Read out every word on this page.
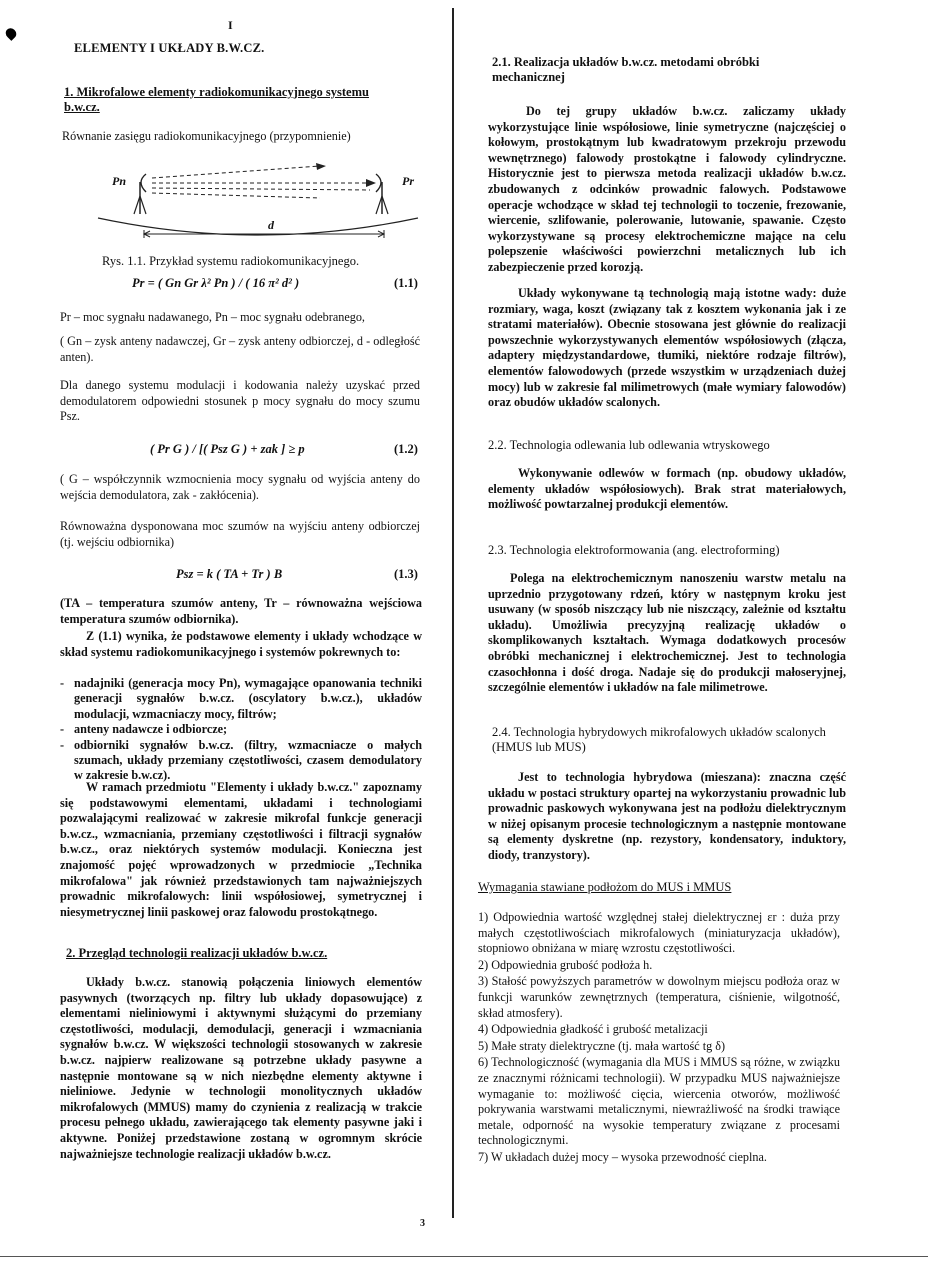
I
ELEMENTY I UKŁADY B.W.CZ.
1. Mikrofalowe elementy radiokomunikacyjnego systemu b.w.cz.
Równanie zasięgu radiokomunikacyjnego (przypomnienie)
Pn	Pr
d
Rys. 1.1. Przykład systemu radiokomunikacyjnego.
Pr = ( Gn Gr λ² Pn ) / ( 16 π² d² )	(1.1)
Pr – moc sygnału nadawanego, Pn – moc sygnału odebranego,
( Gn – zysk anteny nadawczej, Gr – zysk anteny odbiorczej, d - odległość anten).
Dla danego systemu modulacji i kodowania należy uzyskać przed demodulatorem odpowiedni stosunek p mocy sygnału do mocy szumu Psz.
( Pr G ) / [( Psz G ) + zak ] ≥ p	(1.2)
( G – współczynnik wzmocnienia mocy sygnału od wyjścia anteny do wejścia demodulatora, zak - zakłócenia).
Równoważna dysponowana moc szumów na wyjściu anteny odbiorczej (tj. wejściu odbiornika)
Psz = k ( TA + Tr ) B	(1.3)
(TA – temperatura szumów anteny, Tr – równoważna wejściowa temperatura szumów odbiornika).
Z (1.1) wynika, że podstawowe elementy i układy wchodzące w skład systemu radiokomunikacyjnego i systemów pokrewnych to:
- nadajniki (generacja mocy Pn), wymagające opanowania techniki generacji sygnałów b.w.cz. (oscylatory b.w.cz.), układów modulacji, wzmacniaczy mocy, filtrów;
- anteny nadawcze i odbiorcze;
- odbiorniki sygnałów b.w.cz. (filtry, wzmacniacze o małych szumach, układy przemiany częstotliwości, czasem demodulatory w zakresie b.w.cz).
W ramach przedmiotu "Elementy i układy b.w.cz." zapoznamy się podstawowymi elementami, układami i technologiami pozwalającymi realizować w zakresie mikrofal funkcje generacji b.w.cz., wzmacniania, przemiany częstotliwości i filtracji sygnałów b.w.cz., oraz niektórych systemów modulacji. Konieczna jest znajomość pojęć wprowadzonych w przedmiocie „Technika mikrofalowa" jak również przedstawionych tam najważniejszych prowadnic mikrofalowych: linii współosiowej, symetrycznej i niesymetrycznej linii paskowej oraz falowodu prostokątnego.
2. Przegląd technologii realizacji układów b.w.cz.
Układy b.w.cz. stanowią połączenia liniowych elementów pasywnych (tworzących np. filtry lub układy dopasowujące) z elementami nieliniowymi i aktywnymi służącymi do przemiany częstotliwości, modulacji, demodulacji, generacji i wzmacniania sygnałów b.w.cz. W większości technologii stosowanych w zakresie b.w.cz. najpierw realizowane są potrzebne układy pasywne a następnie montowane są w nich niezbędne elementy aktywne i nieliniowe. Jedynie w technologii monolitycznych układów mikrofalowych (MMUS) mamy do czynienia z realizacją w trakcie procesu pełnego układu, zawierającego tak elementy pasywne jaki i aktywne. Poniżej przedstawione zostaną w ogromnym skrócie najważniejsze technologie realizacji układów b.w.cz.
2.1. Realizacja układów b.w.cz. metodami obróbki mechanicznej
Do tej grupy układów b.w.cz. zaliczamy układy wykorzystujące linie współosiowe, linie symetryczne (najczęściej o kołowym, prostokątnym lub kwadratowym przekroju przewodu wewnętrznego) falowody prostokątne i falowody cylindryczne. Historycznie jest to pierwsza metoda realizacji układów b.w.cz. zbudowanych z odcinków prowadnic falowych. Podstawowe operacje wchodzące w skład tej technologii to toczenie, frezowanie, wiercenie, szlifowanie, polerowanie, lutowanie, spawanie. Często wykorzystywane są procesy elektrochemiczne mające na celu polepszenie właściwości powierzchni metalicznych lub ich zabezpieczenie przed korozją.
Układy wykonywane tą technologią mają istotne wady: duże rozmiary, waga, koszt (związany tak z kosztem wykonania jak i ze stratami materiałów). Obecnie stosowana jest głównie do realizacji powszechnie wykorzystywanych elementów współosiowych (złącza, adaptery międzystandardowe, tłumiki, niektóre rodzaje filtrów), elementów falowodowych (przede wszystkim w urządzeniach dużej mocy) lub w zakresie fal milimetrowych (małe wymiary falowodów) oraz obudów układów scalonych.
2.2. Technologia odlewania lub odlewania wtryskowego
Wykonywanie odlewów w formach (np. obudowy układów, elementy układów współosiowych). Brak strat materiałowych, możliwość powtarzalnej produkcji elementów.
2.3. Technologia elektroformowania (ang. electroforming)
Polega na elektrochemicznym nanoszeniu warstw metalu na uprzednio przygotowany rdzeń, który w następnym kroku jest usuwany (w sposób niszczący lub nie niszczący, zależnie od kształtu układu). Umożliwia precyzyjną realizację układów o skomplikowanych kształtach. Wymaga dodatkowych procesów obróbki mechanicznej i elektrochemicznej. Jest to technologia czasochłonna i dość droga. Nadaje się do produkcji małoseryjnej, szczególnie elementów i układów na fale milimetrowe.
2.4. Technologia hybrydowych mikrofalowych układów scalonych (HMUS lub MUS)
Jest to technologia hybrydowa (mieszana): znaczna część układu w postaci struktury opartej na wykorzystaniu prowadnic lub prowadnic paskowych wykonywana jest na podłożu dielektrycznym w niżej opisanym procesie technologicznym a następnie montowane są elementy dyskretne (np. rezystory, kondensatory, induktory, diody, tranzystory).
Wymagania stawiane podłożom do MUS i MMUS
1) Odpowiednia wartość względnej stałej dielektrycznej εr : duża przy małych częstotliwościach mikrofalowych (miniaturyzacja układów), stopniowo obniżana w miarę wzrostu częstotliwości.
2) Odpowiednia grubość podłoża h.
3) Stałość powyższych parametrów w dowolnym miejscu podłoża oraz w funkcji warunków zewnętrznych (temperatura, ciśnienie, wilgotność, skład atmosfery).
4) Odpowiednia gładkość i grubość metalizacji
5) Małe straty dielektryczne (tj. mała wartość tg δ)
6) Technologiczność (wymagania dla MUS i MMUS są różne, w związku ze znacznymi różnicami technologii). W przypadku MUS najważniejsze wymaganie to: możliwość cięcia, wiercenia otworów, możliwość pokrywania warstwami metalicznymi, niewrażliwość na środki trawiące metale, odporność na wysokie temperatury związane z procesami technologicznymi.
7) W układach dużej mocy – wysoka przewodność cieplna.
3
